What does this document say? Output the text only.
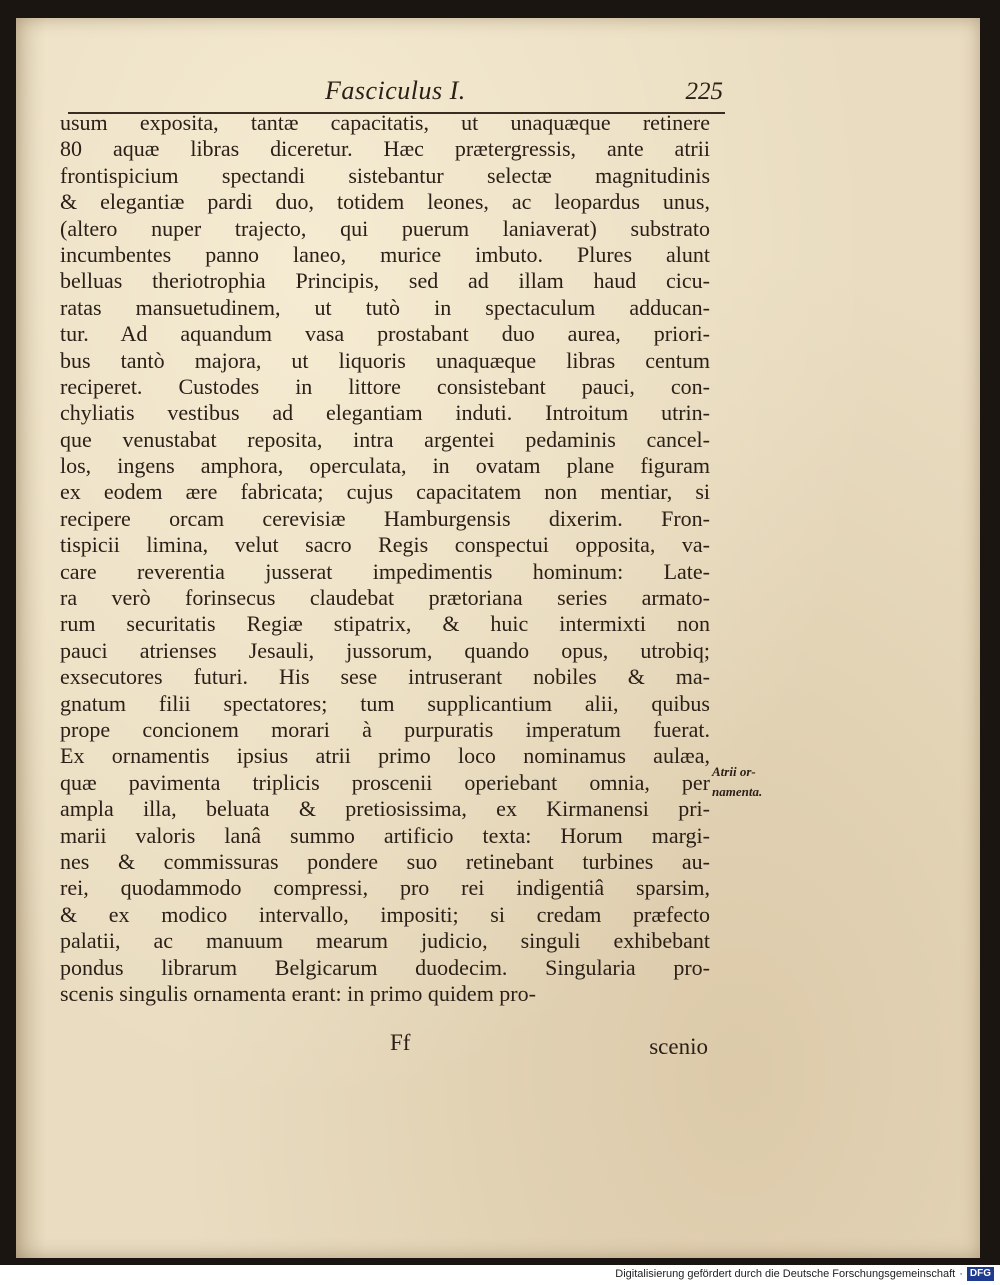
Fasciculus I.	225
usum exposita, tantæ capacitatis, ut unaquæque retinere
80 aquæ libras diceretur. Hæc prætergressis, ante atrii
frontispicium spectandi sistebantur selectæ magnitudinis
& elegantiæ pardi duo, totidem leones, ac leopardus unus,
(altero nuper trajecto, qui puerum laniaverat) substrato
incumbentes panno laneo, murice imbuto. Plures alunt
belluas theriotrophia Principis, sed ad illam haud cicu-
ratas mansuetudinem, ut tutò in spectaculum adducan-
tur. Ad aquandum vasa prostabant duo aurea, priori-
bus tantò majora, ut liquoris unaquæque libras centum
reciperet. Custodes in littore consistebant pauci, con-
chyliatis vestibus ad elegantiam induti. Introitum utrin-
que venustabat reposita, intra argentei pedaminis cancel-
los, ingens amphora, operculata, in ovatam plane figuram
ex eodem ære fabricata; cujus capacitatem non mentiar, si
recipere orcam cerevisiæ Hamburgensis dixerim. Fron-
tispicii limina, velut sacro Regis conspectui opposita, va-
care reverentia jusserat impedimentis hominum: Late-
ra verò forinsecus claudebat prætoriana series armato-
rum securitatis Regiæ stipatrix, & huic intermixti non
pauci atrienses Jesauli, jussorum, quando opus, utrobiq;
exsecutores futuri. His sese intruserant nobiles & ma-
gnatum filii spectatores; tum supplicantium alii, quibus
prope concionem morari à purpuratis imperatum fuerat.
Ex ornamentis ipsius atrii primo loco nominamus aulæa,
quæ pavimenta triplicis proscenii operiebant omnia, per
ampla illa, beluata & pretiosissima, ex Kirmanensi pri-
marii valoris lanâ summo artificio texta: Horum margi-
nes & commissuras pondere suo retinebant turbines au-
rei, quodammodo compressi, pro rei indigentiâ sparsim,
& ex modico intervallo, impositi; si credam præfecto
palatii, ac manuum mearum judicio, singuli exhibebant
pondus librarum Belgicarum duodecim. Singularia pro-
scenis singulis ornamenta erant: in primo quidem pro-
Ff	scenio
Atrii or-
namenta.
Digitalisierung gefördert durch die Deutsche Forschungsgemeinschaft · DFG
